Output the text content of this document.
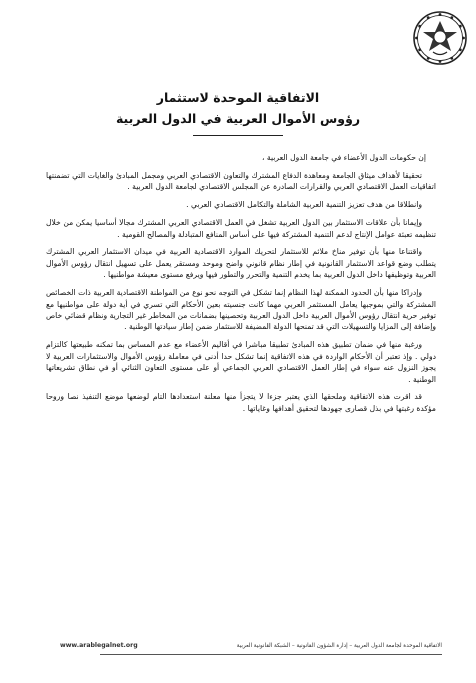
الاتفاقية الموحدة لاستثمار
رؤوس الأموال العربية في الدول العربية

إن حكومات الدول الأعضاء في جامعة الدول العربية ،

تحقيقا لأهداف ميثاق الجامعة ومعاهدة الدفاع المشترك والتعاون الاقتصادي العربي ومجمل المبادئ والغايات التي تضمنتها اتفاقيات العمل الاقتصادي العربي والقرارات الصادرة عن المجلس الاقتصادي لجامعة الدول العربية .

وانطلاقا من هدف تعزيز التنمية العربية الشاملة والتكامل الاقتصادي العربي .

وإيمانا بأن علاقات الاستثمار بين الدول العربية تشغل في العمل الاقتصادي العربي المشترك مجالا أساسيا يمكن من خلال تنظيمه تعبئة عوامل الإنتاج لدعم التنمية المشتركة فيها على أساس المنافع المتبادلة والمصالح القومية .

واقتناعا منها بأن توفير مناخ ملائم للاستثمار لتحريك الموارد الاقتصادية العربية في ميدان الاستثمار العربي المشترك يتطلب وضع قواعد الاستثمار القانونية في إطار نظام قانوني واضح وموحد ومستقر يعمل على تسهيل انتقال رؤوس الأموال العربية وتوظيفها داخل الدول العربية بما يخدم التنمية والتحرر والتطور فيها ويرفع مستوى معيشة مواطنيها .

وإدراكا منها بأن الحدود الممكنة لهذا النظام إنما تشكل في التوجه نحو نوع من المواطنة الاقتصادية العربية ذات الخصائص المشتركة والتي بموجبها يعامل المستثمر العربي مهما كانت جنسيته بعين الأحكام التي تسري في أية دولة على مواطنيها مع توفير حرية انتقال رؤوس الأموال العربية داخل الدول العربية وتحصينها بضمانات من المخاطر غير التجارية ونظام قضائي خاص وإضافة إلى المزايا والتسهيلات التي قد تمنحها الدولة المضيفة للاستثمار ضمن إطار سيادتها الوطنية .

ورغبة منها في ضمان تطبيق هذه المبادئ تطبيقا مباشرا في أقاليم الأعضاء مع عدم المساس بما تمكنه طبيعتها كالتزام دولي . وإذ تعتبر أن الأحكام الواردة في هذه الاتفاقية إنما تشكل حدا أدنى في معاملة رؤوس الأموال والاستثمارات العربية لا يجوز النزول عنه سواء في إطار العمل الاقتصادي العربي الجماعي أو على مستوى التعاون الثنائي أو في نطاق تشريعاتها الوطنية .

قد اقرت هذه الاتفاقية وملحقها الذي يعتبر جزءا لا يتجزأ منها معلنة استعدادها التام لوضعها موضع التنفيذ نصا وروحا مؤكدة رغبتها في بذل قصارى جهودها لتحقيق أهدافها وغاياتها .

www.arablegalnet.org	الاتفاقية الموحدة لجامعة الدول العربية – إدارة الشؤون القانونية – الشبكة القانونية العربية
